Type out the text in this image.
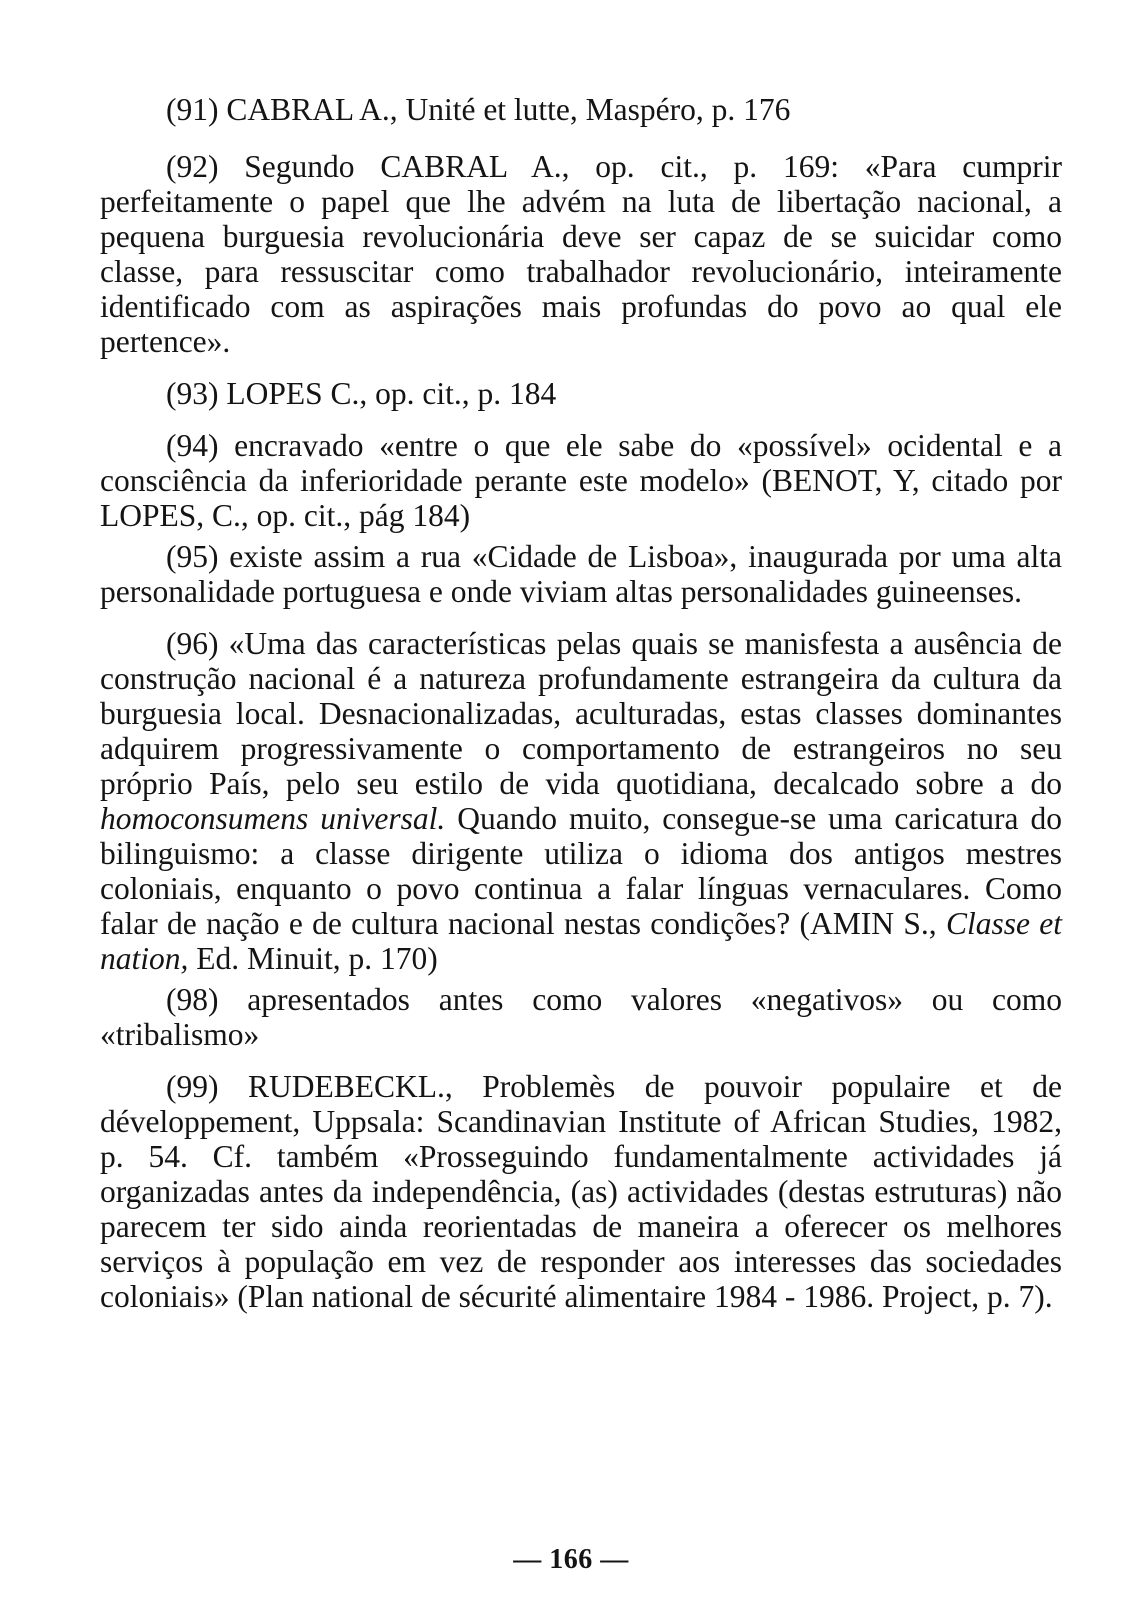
(91) CABRAL A., Unité et lutte, Maspéro, p. 176

(92) Segundo CABRAL A., op. cit., p. 169: «Para cumprir perfeitamente o papel que lhe advém na luta de libertação nacional, a pequena burguesia revolucionária deve ser capaz de se suicidar como classe, para ressuscitar como trabalhador revolucionário, inteiramente identificado com as aspirações mais profundas do povo ao qual ele pertence».

(93) LOPES C., op. cit., p. 184

(94) encravado «entre o que ele sabe do «possível» ocidental e a consciência da inferioridade perante este modelo» (BENOT, Y, citado por LOPES, C., op. cit., pág 184)

(95) existe assim a rua «Cidade de Lisboa», inaugurada por uma alta personalidade portuguesa e onde viviam altas personalidades guineenses.

(96) «Uma das características pelas quais se manisfesta a ausência de construção nacional é a natureza profundamente estrangeira da cultura da burguesia local. Desnacionalizadas, aculturadas, estas classes dominantes adquirem progressivamente o comportamento de estrangeiros no seu próprio País, pelo seu estilo de vida quotidiana, decalcado sobre a do homoconsumens universal. Quando muito, consegue-se uma caricatura do bilinguismo: a classe dirigente utiliza o idioma dos antigos mestres coloniais, enquanto o povo continua a falar línguas vernaculares. Como falar de nação e de cultura nacional nestas condições? (AMIN S., Classe et nation, Ed. Minuit, p. 170)

(98) apresentados antes como valores «negativos» ou como «tribalismo»

(99) RUDEBECKL., Problemès de pouvoir populaire et de développement, Uppsala: Scandinavian Institute of African Studies, 1982, p. 54. Cf. também «Prosseguindo fundamentalmente actividades já organizadas antes da independência, (as) actividades (destas estruturas) não parecem ter sido ainda reorientadas de maneira a oferecer os melhores serviços à população em vez de responder aos interesses das sociedades coloniais» (Plan national de sécurité alimentaire 1984 - 1986. Project, p. 7).

— 166 —
